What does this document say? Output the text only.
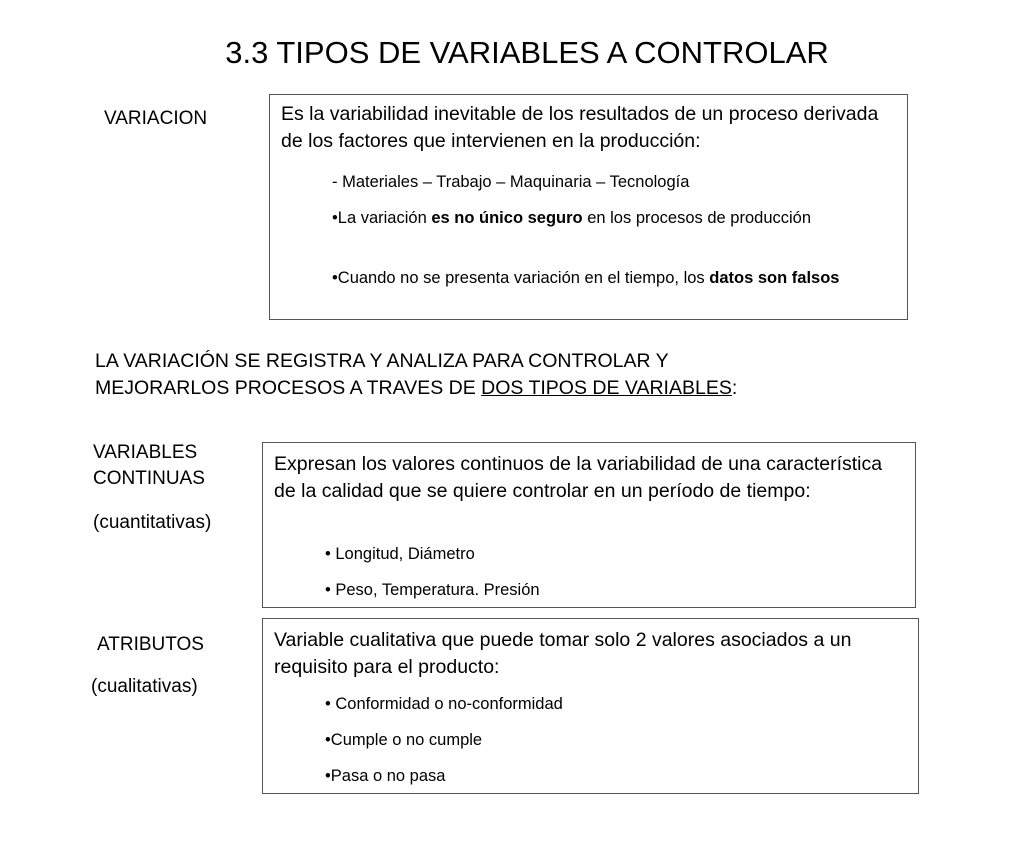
3.3 TIPOS DE VARIABLES A CONTROLAR
VARIACION	Es la variabilidad inevitable de los resultados de un proceso derivada de los factores que intervienen en la producción:
- Materiales – Trabajo – Maquinaria – Tecnología
•La variación es no único seguro en los procesos de producción
•Cuando no se presenta variación en el tiempo, los datos son falsos
LA VARIACIÓN SE REGISTRA Y ANALIZA PARA CONTROLAR Y
MEJORARLOS PROCESOS A TRAVES DE DOS TIPOS DE VARIABLES:
VARIABLES
CONTINUAS
(cuantitativas)
Expresan los valores continuos de la variabilidad de una característica de la calidad que se quiere controlar en un período de tiempo:
• Longitud, Diámetro
• Peso, Temperatura. Presión
ATRIBUTOS
(cualitativas)
Variable cualitativa que puede tomar solo 2 valores asociados a un requisito para el producto:
• Conformidad o no-conformidad
•Cumple o no cumple
•Pasa o no pasa
